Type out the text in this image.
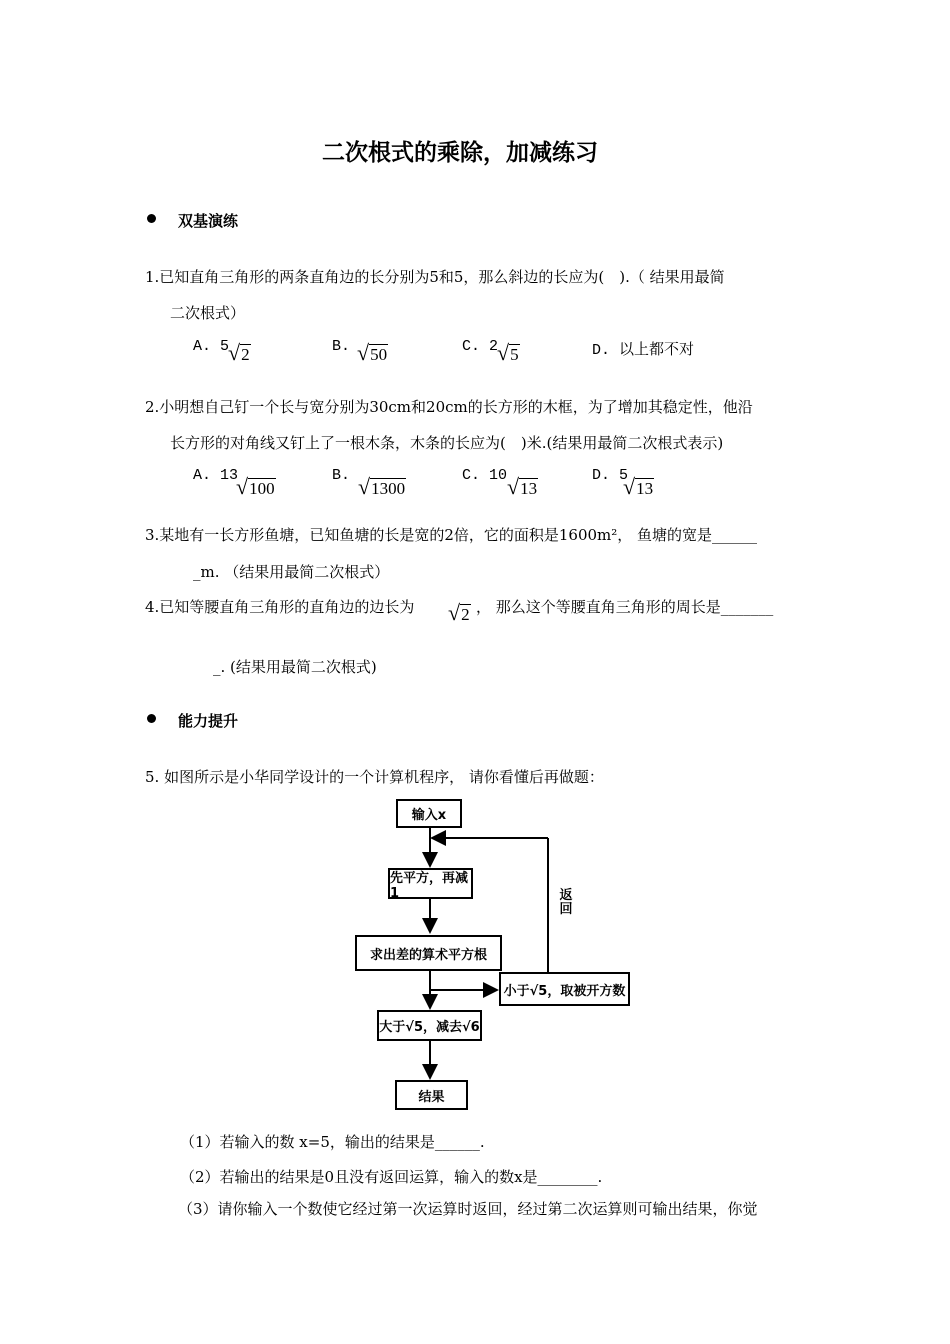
二次根式的乘除，加减练习
双基演练
1.已知直角三角形的两条直角边的长分别为5和5，那么斜边的长应为(　).（ 结果用最简
二次根式）
A. 5
√2	B. √50	C. 2
√5	D. 以上都不对
2.小明想自己钉一个长与宽分别为30cm和20cm的长方形的木框，为了增加其稳定性，他沿
长方形的对角线又钉上了一根木条，木条的长应为(　)米.(结果用最简二次根式表示)
A. 13
√100
B. √1300
C. 10 √13
D. 5
√13
3.某地有一长方形鱼塘，已知鱼塘的长是宽的2倍，它的面积是1600m²， 鱼塘的宽是______
_m. （结果用最简二次根式）
4.已知等腰直角三角形的直角边的边长为 √2 ， 那么这个等腰直角三角形的周长是_______
_. (结果用最简二次根式)
能力提升
5. 如图所示是小华同学设计的一个计算机程序， 请你看懂后再做题：
输入x
先平方，再减1
求出差的算术平方根
小于√5，取被开方数
大于√5，减去√6
结果
返回
（1）若输入的数 x=5，输出的结果是______.
（2）若输出的结果是0且没有返回运算，输入的数x是________.
（3）请你输入一个数使它经过第一次运算时返回，经过第二次运算则可输出结果，你觉
